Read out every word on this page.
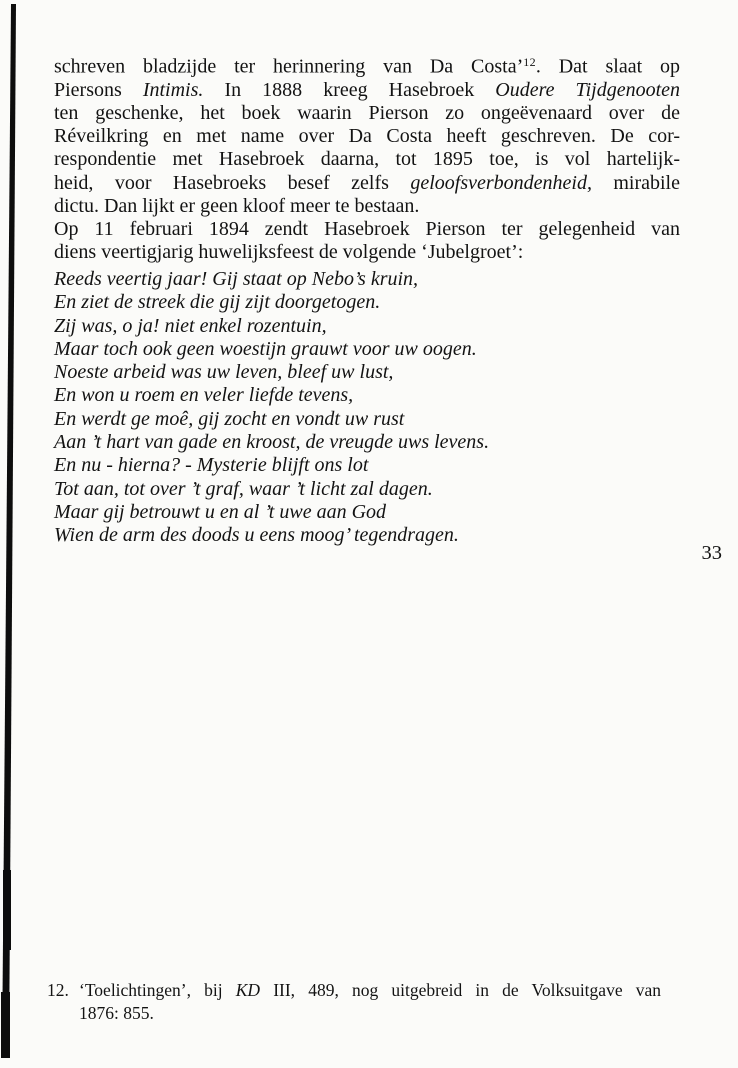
schreven bladzijde ter herinnering van Da Costa’$^{12}$. Dat slaat op
Piersons Intimis. In 1888 kreeg Hasebroek Oudere Tijdgenooten
ten geschenke, het boek waarin Pierson zo ongeëvenaard over de
Réveilkring en met name over Da Costa heeft geschreven. De cor-
respondentie met Hasebroek daarna, tot 1895 toe, is vol hartelijk-
heid, voor Hasebroeks besef zelfs geloofsverbondenheid, mirabile
dictu. Dan lijkt er geen kloof meer te bestaan.
Op 11 februari 1894 zendt Hasebroek Pierson ter gelegenheid van
diens veertigjarig huwelijksfeest de volgende ‘Jubelgroet’:
Reeds veertig jaar! Gij staat op Nebo’s kruin,
En ziet de streek die gij zijt doorgetogen.
Zij was, o ja! niet enkel rozentuin,
Maar toch ook geen woestijn grauwt voor uw oogen.
Noeste arbeid was uw leven, bleef uw lust,
En won u roem en veler liefde tevens,
En werdt ge moê, gij zocht en vondt uw rust
Aan ’t hart van gade en kroost, de vreugde uws levens.
En nu - hierna? - Mysterie blijft ons lot
Tot aan, tot over ’t graf, waar ’t licht zal dagen.
Maar gij betrouwt u en al ’t uwe aan God
Wien de arm des doods u eens moog’ tegendragen.
33
12. ‘Toelichtingen’, bij KD III, 489, nog uitgebreid in de Volksuitgave van
1876: 855.
